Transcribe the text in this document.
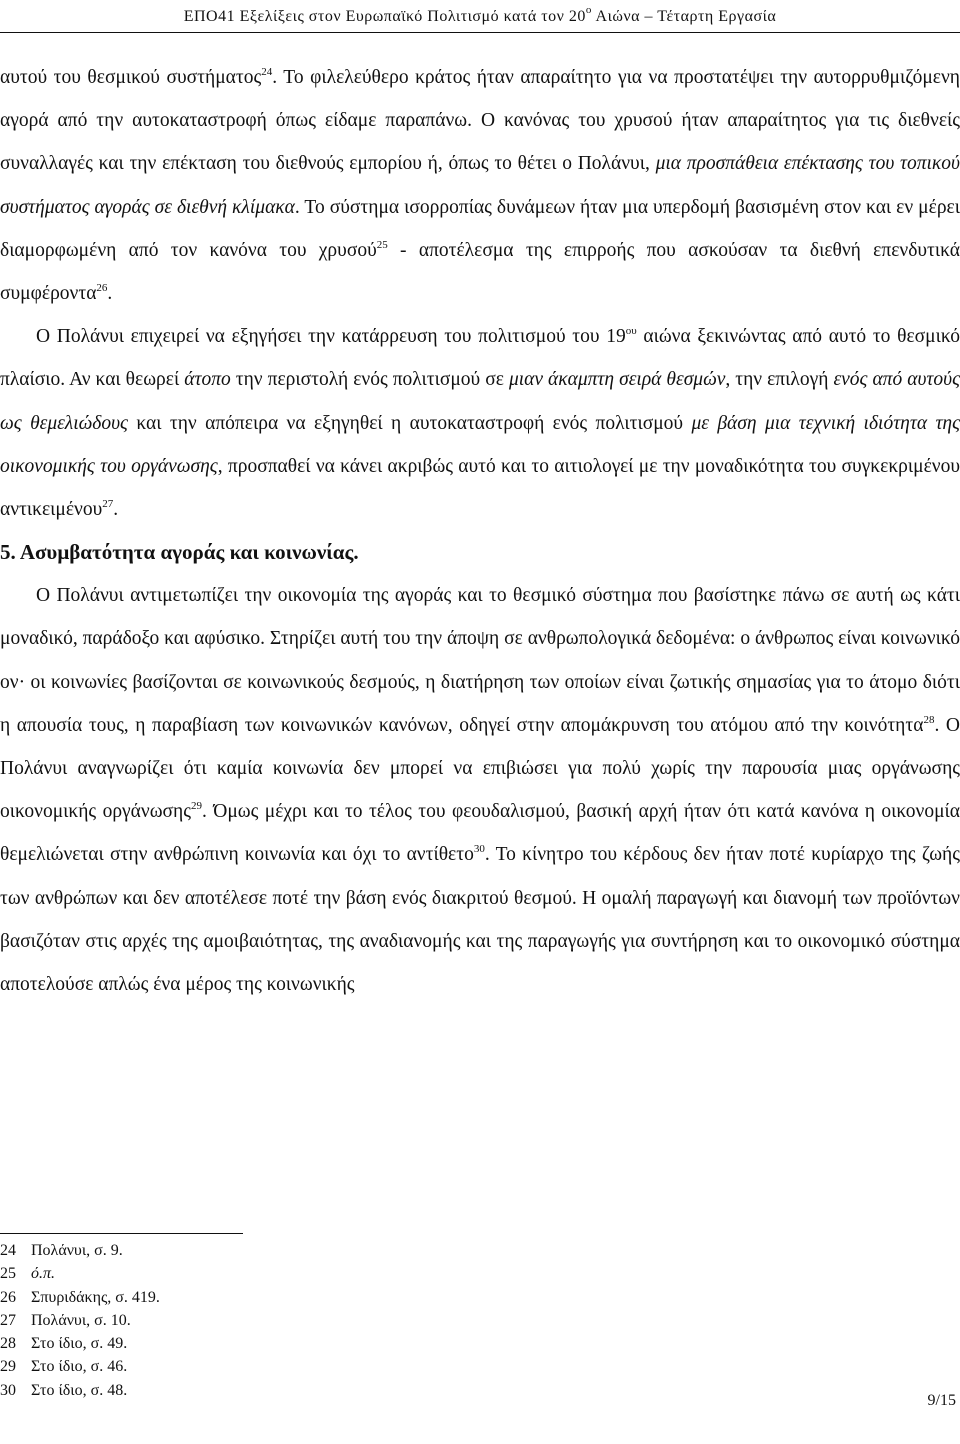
ΕΠΟ41 Εξελίξεις στον Ευρωπαϊκό Πολιτισμό κατά τον $20^o$ Αιώνα – Τέταρτη Εργασία

αυτού του θεσμικού συστήματος$^{24}$. Το φιλελεύθερο κράτος ήταν απαραίτητο για να προστατέψει την αυτορρυθμιζόμενη αγορά από την αυτοκαταστροφή όπως είδαμε παραπάνω. Ο κανόνας του χρυσού ήταν απαραίτητος για τις διεθνείς συναλλαγές και την επέκταση του διεθνούς εμπορίου ή, όπως το θέτει ο Πολάνυι, μια προσπάθεια επέκτασης του τοπικού συστήματος αγοράς σε διεθνή κλίμακα. Το σύστημα ισορροπίας δυνάμεων ήταν μια υπερδομή βασισμένη στον και εν μέρει διαμορφωμένη από τον κανόνα του χρυσού$^{25}$ - αποτέλεσμα της επιρροής που ασκούσαν τα διεθνή επενδυτικά συμφέροντα$^{26}$.

Ο Πολάνυι επιχειρεί να εξηγήσει την κατάρρευση του πολιτισμού του $19^{o\upsilon}$ αιώνα ξεκινώντας από αυτό το θεσμικό πλαίσιο. Αν και θεωρεί άτοπο την περιστολή ενός πολιτισμού σε μιαν άκαμπτη σειρά θεσμών, την επιλογή ενός από αυτούς ως θεμελιώδους και την απόπειρα να εξηγηθεί η αυτοκαταστροφή ενός πολιτισμού με βάση μια τεχνική ιδιότητα της οικονομικής του οργάνωσης, προσπαθεί να κάνει ακριβώς αυτό και το αιτιολογεί με την μοναδικότητα του συγκεκριμένου αντικειμένου$^{27}$.

5. Ασυμβατότητα αγοράς και κοινωνίας.

Ο Πολάνυι αντιμετωπίζει την οικονομία της αγοράς και το θεσμικό σύστημα που βασίστηκε πάνω σε αυτή ως κάτι μοναδικό, παράδοξο και αφύσικο. Στηρίζει αυτή του την άποψη σε ανθρωπολογικά δεδομένα: ο άνθρωπος είναι κοινωνικό ον· οι κοινωνίες βασίζονται σε κοινωνικούς δεσμούς, η διατήρηση των οποίων είναι ζωτικής σημασίας για το άτομο διότι η απουσία τους, η παραβίαση των κοινωνικών κανόνων, οδηγεί στην απομάκρυνση του ατόμου από την κοινότητα$^{28}$. Ο Πολάνυι αναγνωρίζει ότι καμία κοινωνία δεν μπορεί να επιβιώσει για πολύ χωρίς την παρουσία μιας οργάνωσης οικονομικής οργάνωσης$^{29}$. Όμως μέχρι και το τέλος του φεουδαλισμού, βασική αρχή ήταν ότι κατά κανόνα η οικονομία θεμελιώνεται στην ανθρώπινη κοινωνία και όχι το αντίθετο$^{30}$. Το κίνητρο του κέρδους δεν ήταν ποτέ κυρίαρχο της ζωής των ανθρώπων και δεν αποτέλεσε ποτέ την βάση ενός διακριτού θεσμού. Η ομαλή παραγωγή και διανομή των προϊόντων βασιζόταν στις αρχές της αμοιβαιότητας, της αναδιανομής και της παραγωγής για συντήρηση και το οικονομικό σύστημα αποτελούσε απλώς ένα μέρος της κοινωνικής

24 Πολάνυι, σ. 9.
25 ό.π.
26 Σπυριδάκης, σ. 419.
27 Πολάνυι, σ. 10.
28 Στο ίδιο, σ. 49.
29 Στο ίδιο, σ. 46.
30 Στο ίδιο, σ. 48.
9/15
